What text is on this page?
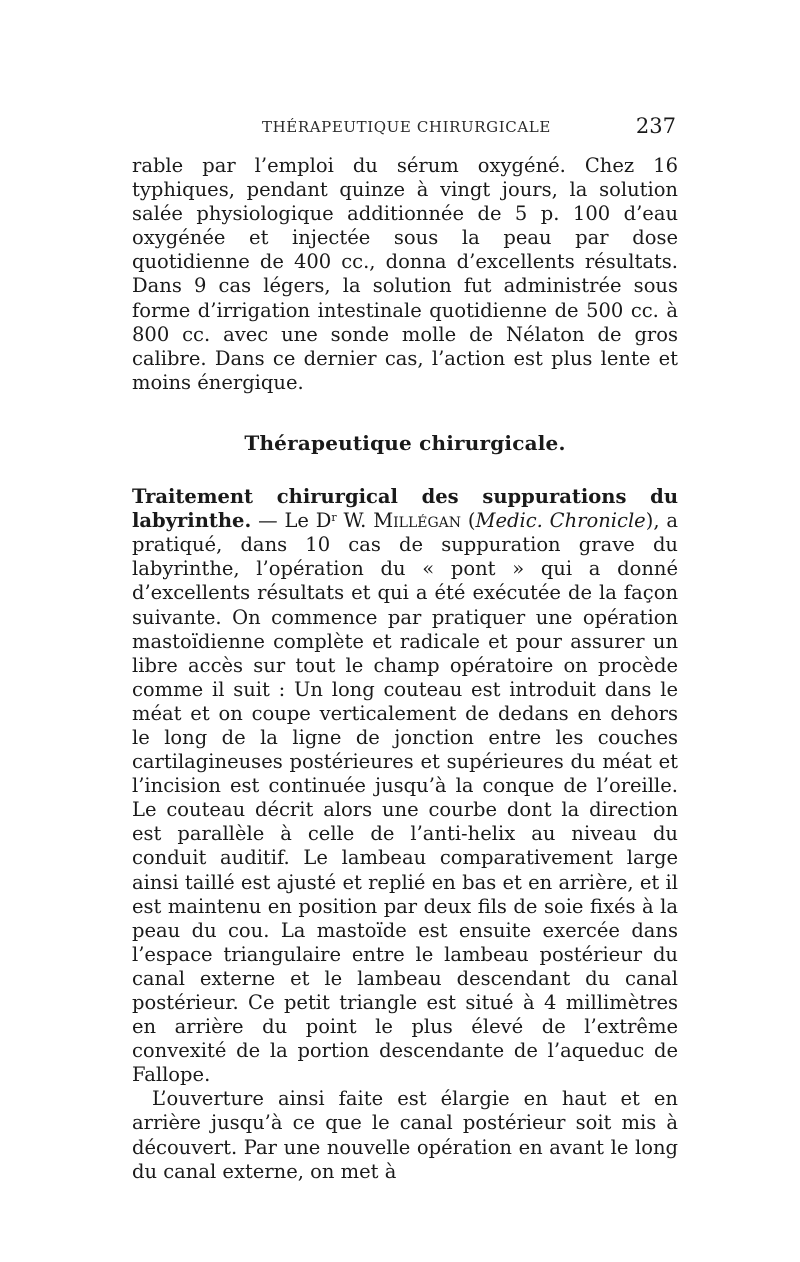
THÉRAPEUTIQUE CHIRURGICALE	237

rable par l’emploi du sérum oxygéné. Chez 16 typhiques, pendant quinze à vingt jours, la solution salée physiologique additionnée de 5 p. 100 d’eau oxygénée et injectée sous la peau par dose quotidienne de 400 cc., donna d’excellents résultats. Dans 9 cas légers, la solution fut administrée sous forme d’irrigation intestinale quotidienne de 500 cc. à 800 cc. avec une sonde molle de Nélaton de gros calibre. Dans ce dernier cas, l’action est plus lente et moins énergique.

Thérapeutique chirurgicale.

Traitement chirurgical des suppurations du labyrinthe. — Le $D^r$ W. Millégan (Medic. Chronicle), a pratiqué, dans 10 cas de suppuration grave du labyrinthe, l’opération du « pont » qui a donné d’excellents résultats et qui a été exécutée de la façon suivante. On commence par pratiquer une opération mastoïdienne complète et radicale et pour assurer un libre accès sur tout le champ opératoire on procède comme il suit : Un long couteau est introduit dans le méat et on coupe verticalement de dedans en dehors le long de la ligne de jonction entre les couches cartilagineuses postérieures et supérieures du méat et l’incision est continuée jusqu’à la conque de l’oreille. Le couteau décrit alors une courbe dont la direction est parallèle à celle de l’anti-helix au niveau du conduit auditif. Le lambeau comparativement large ainsi taillé est ajusté et replié en bas et en arrière, et il est maintenu en position par deux fils de soie fixés à la peau du cou. La mastoïde est ensuite exercée dans l’espace triangulaire entre le lambeau postérieur du canal externe et le lambeau descendant du canal postérieur. Ce petit triangle est situé à 4 millimètres en arrière du point le plus élevé de l’extrême convexité de la portion descendante de l’aqueduc de Fallope.

L’ouverture ainsi faite est élargie en haut et en arrière jusqu’à ce que le canal postérieur soit mis à découvert. Par une nouvelle opération en avant le long du canal externe, on met à
